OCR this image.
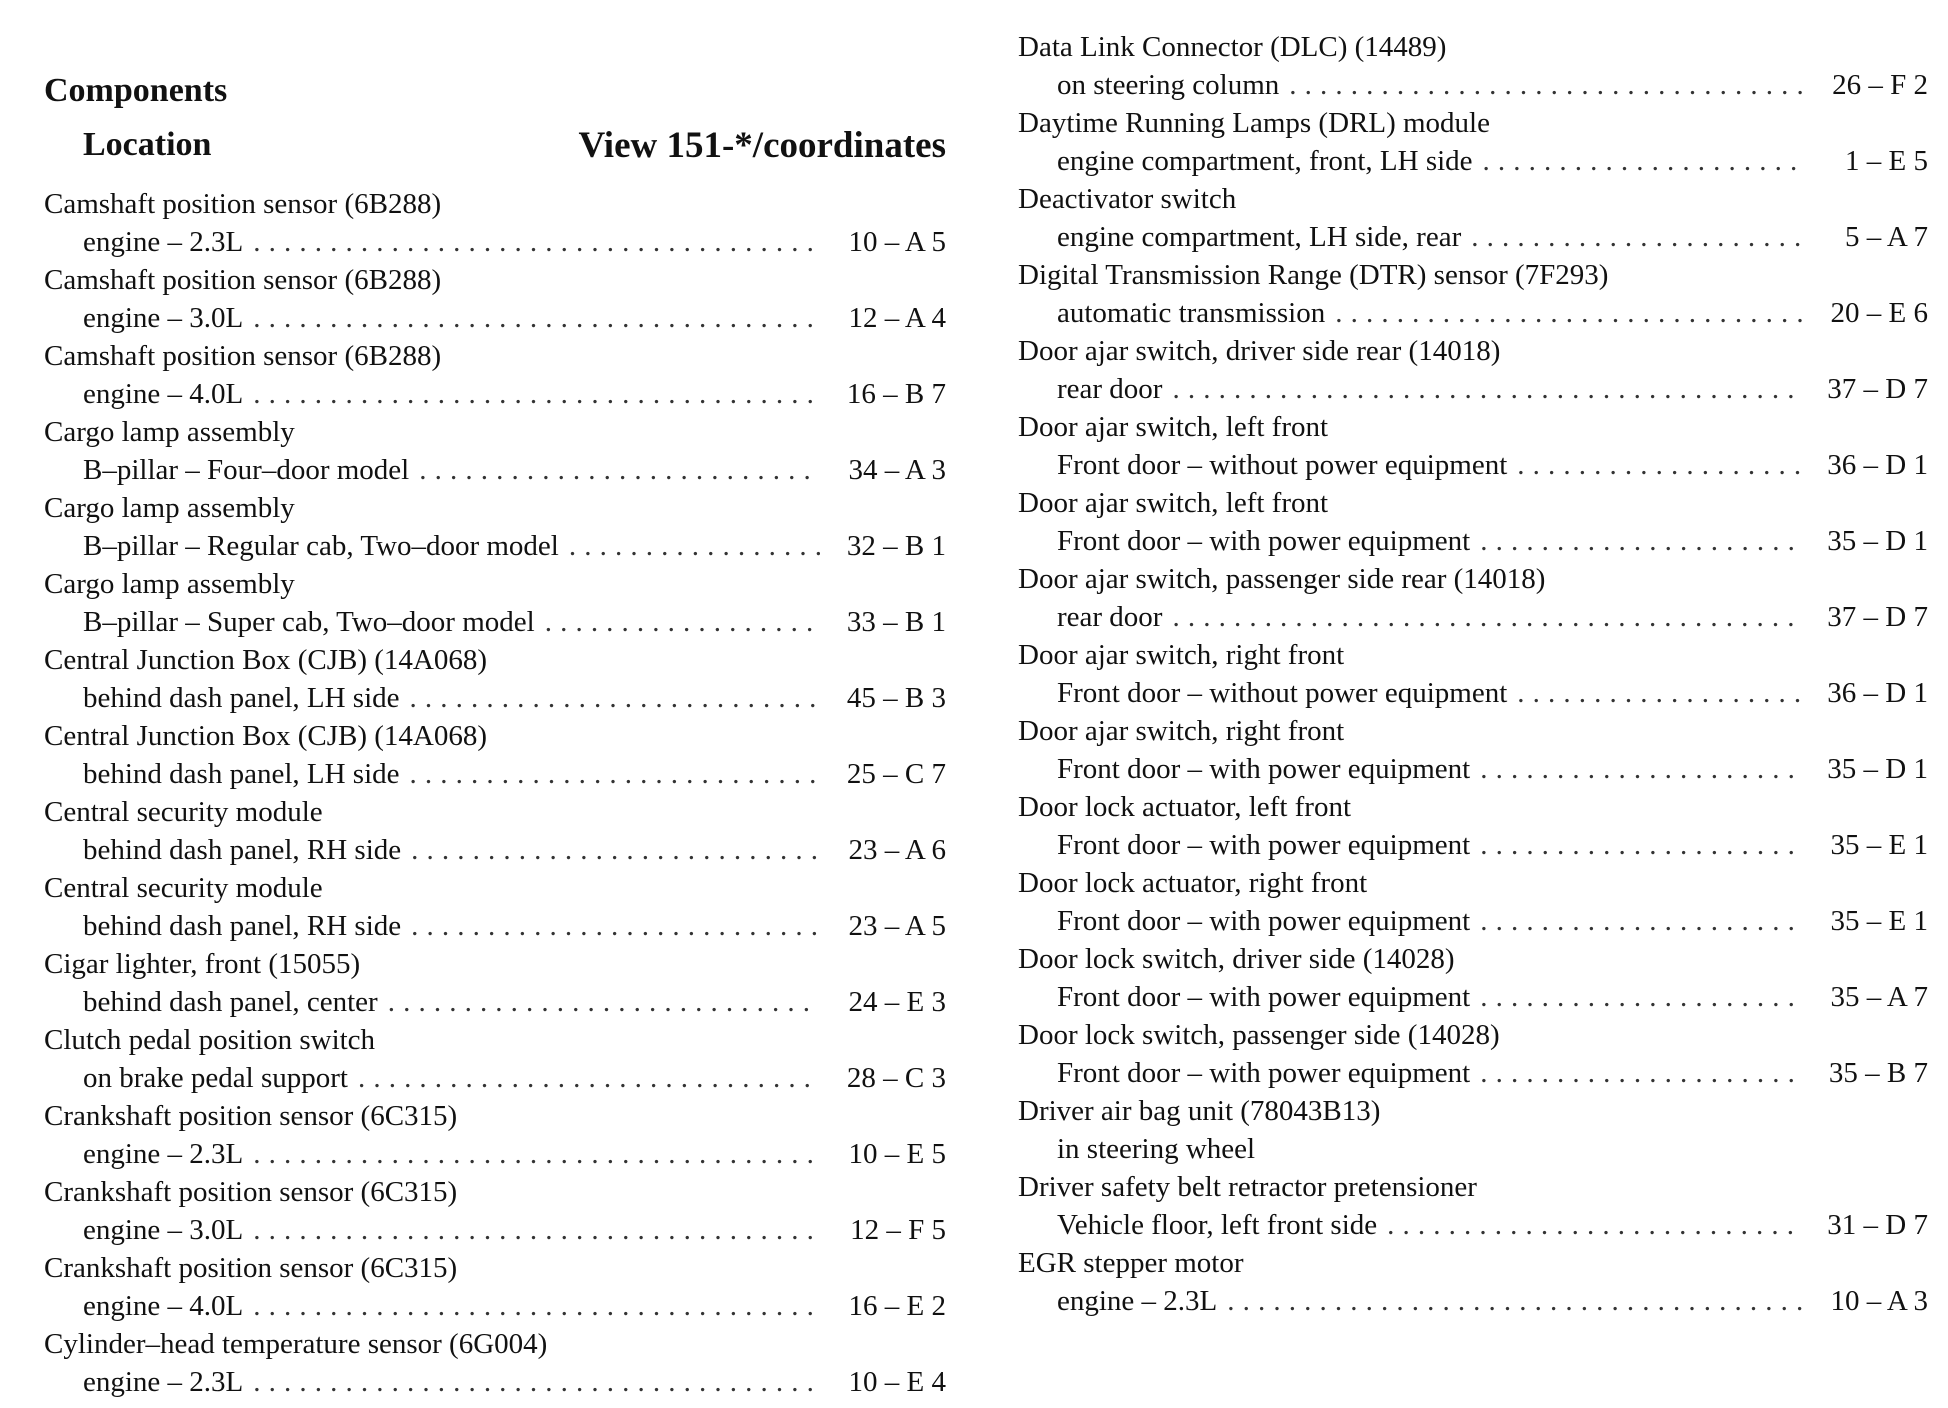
Components
Location	View 151-*/coordinates
Camshaft position sensor (6B288)
engine – 2.3L .....	10 – A 5
Camshaft position sensor (6B288)
engine – 3.0L .....	12 – A 4
Camshaft position sensor (6B288)
engine – 4.0L .....	16 – B 7
Cargo lamp assembly
B–pillar – Four–door model .....	34 – A 3
Cargo lamp assembly
B–pillar – Regular cab, Two–door model .....	32 – B 1
Cargo lamp assembly
B–pillar – Super cab, Two–door model .....	33 – B 1
Central Junction Box (CJB) (14A068)
behind dash panel, LH side .....	45 – B 3
Central Junction Box (CJB) (14A068)
behind dash panel, LH side .....	25 – C 7
Central security module
behind dash panel, RH side .....	23 – A 6
Central security module
behind dash panel, RH side .....	23 – A 5
Cigar lighter, front (15055)
behind dash panel, center .....	24 – E 3
Clutch pedal position switch
on brake pedal support .....	28 – C 3
Crankshaft position sensor (6C315)
engine – 2.3L .....	10 – E 5
Crankshaft position sensor (6C315)
engine – 3.0L .....	12 – F 5
Crankshaft position sensor (6C315)
engine – 4.0L .....	16 – E 2
Cylinder–head temperature sensor (6G004)
engine – 2.3L .....	10 – E 4
Data Link Connector (DLC) (14489)
on steering column .....	26 – F 2
Daytime Running Lamps (DRL) module
engine compartment, front, LH side .....	1 – E 5
Deactivator switch
engine compartment, LH side, rear .....	5 – A 7
Digital Transmission Range (DTR) sensor (7F293)
automatic transmission .....	20 – E 6
Door ajar switch, driver side rear (14018)
rear door .....	37 – D 7
Door ajar switch, left front
Front door – without power equipment .....	36 – D 1
Door ajar switch, left front
Front door – with power equipment .....	35 – D 1
Door ajar switch, passenger side rear (14018)
rear door .....	37 – D 7
Door ajar switch, right front
Front door – without power equipment .....	36 – D 1
Door ajar switch, right front
Front door – with power equipment .....	35 – D 1
Door lock actuator, left front
Front door – with power equipment .....	35 – E 1
Door lock actuator, right front
Front door – with power equipment .....	35 – E 1
Door lock switch, driver side (14028)
Front door – with power equipment .....	35 – A 7
Door lock switch, passenger side (14028)
Front door – with power equipment .....	35 – B 7
Driver air bag unit (78043B13)
in steering wheel
Driver safety belt retractor pretensioner
Vehicle floor, left front side .....	31 – D 7
EGR stepper motor
engine – 2.3L .....	10 – A 3
